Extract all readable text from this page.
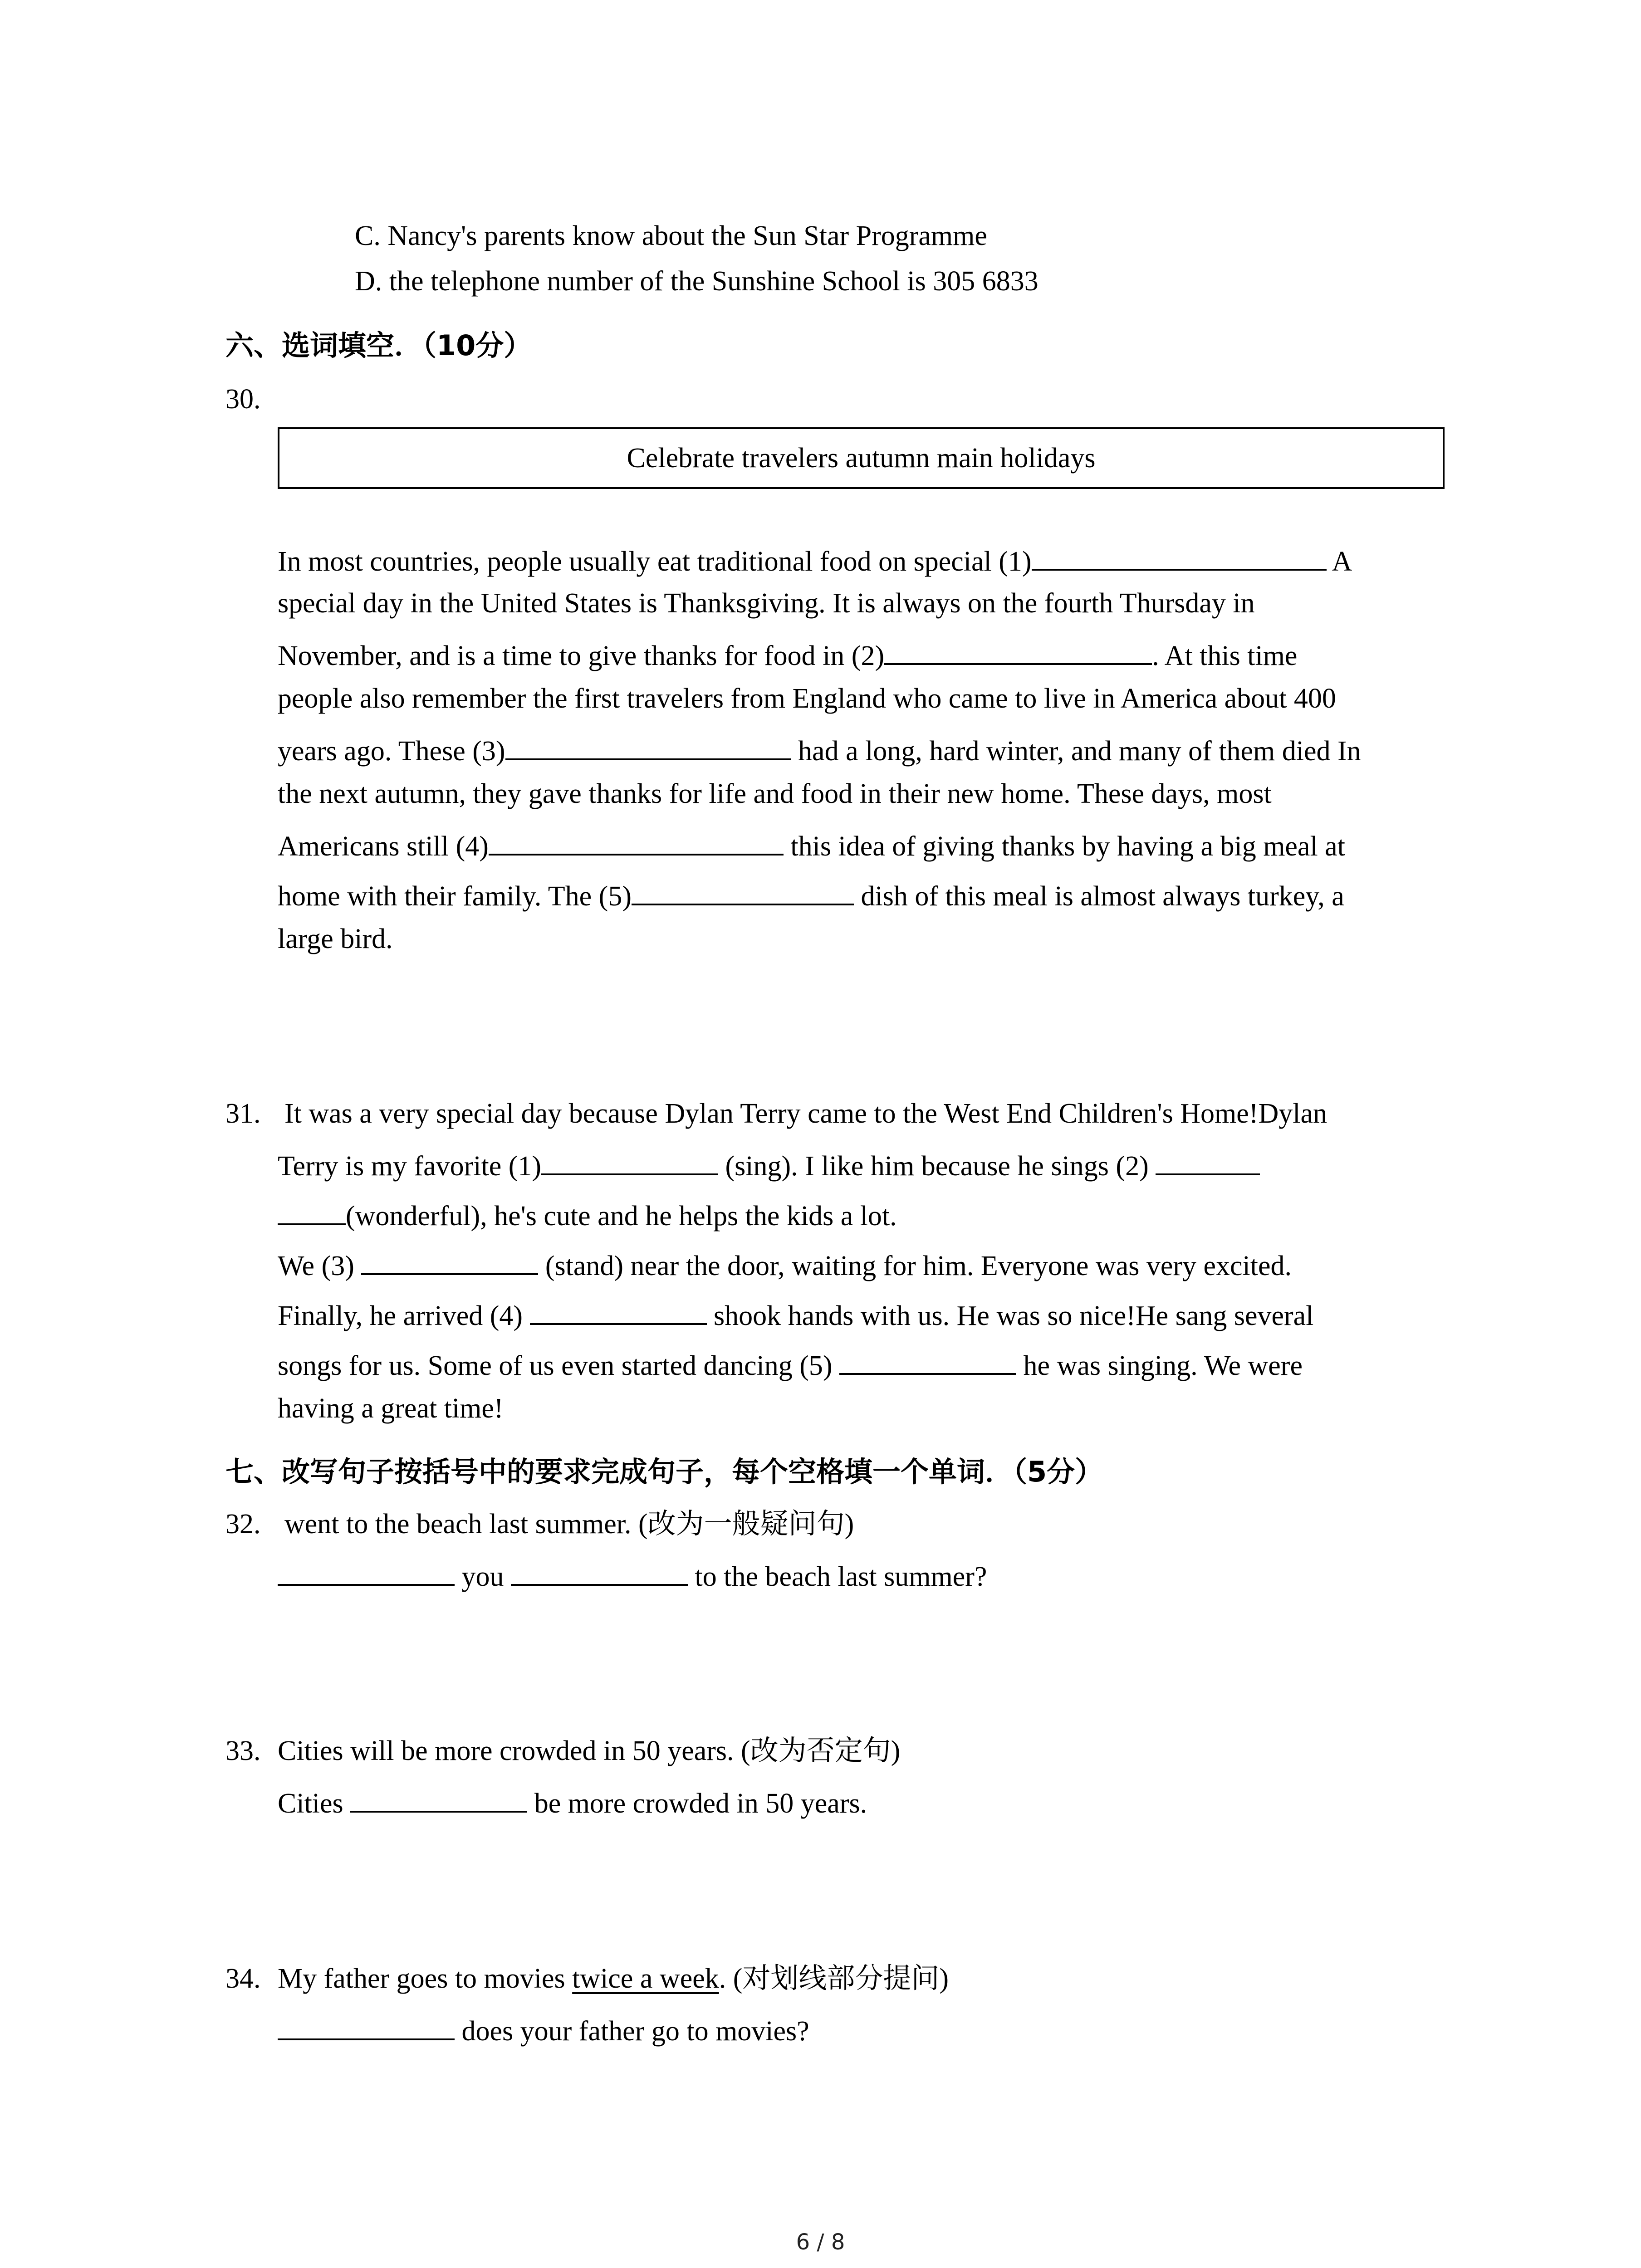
C. Nancy's parents know about the Sun Star Programme
D. the telephone number of the Sunshine School is 305 6833
六、选词填空．（10分）
30.
Celebrate travelers autumn main holidays
In most countries, people usually eat traditional food on special (1)	A
special day in the United States is Thanksgiving. It is always on the fourth Thursday in
November, and is a time to give thanks for food in (2)	. At this time
people also remember the first travelers from England who came to live in America about 400
years ago. These (3)	had a long, hard winter, and many of them died In
the next autumn, they gave thanks for life and food in their new home. These days, most
Americans still (4)	this idea of giving thanks by having a big meal at
home with their family. The (5)	dish of this meal is almost always turkey, a
large bird.
31. It was a very special day because Dylan Terry came to the West End Children's Home!Dylan
Terry is my favorite (1)	(sing). I like him because he sings (2)
(wonderful), he's cute and he helps the kids a lot.
We (3)	(stand) near the door, waiting for him. Everyone was very excited.
Finally, he arrived (4)	shook hands with us. He was so nice!He sang several
songs for us. Some of us even started dancing (5)	he was singing. We were
having a great time!
七、改写句子按括号中的要求完成句子，每个空格填一个单词．（5分）
32. went to the beach last summer. (改为一般疑问句)
you	to the beach last summer?
33. Cities will be more crowded in 50 years. (改为否定句)
Cities	be more crowded in 50 years.
34. My father goes to movies twice a week. (对划线部分提问)
does your father go to movies?
6 / 8
